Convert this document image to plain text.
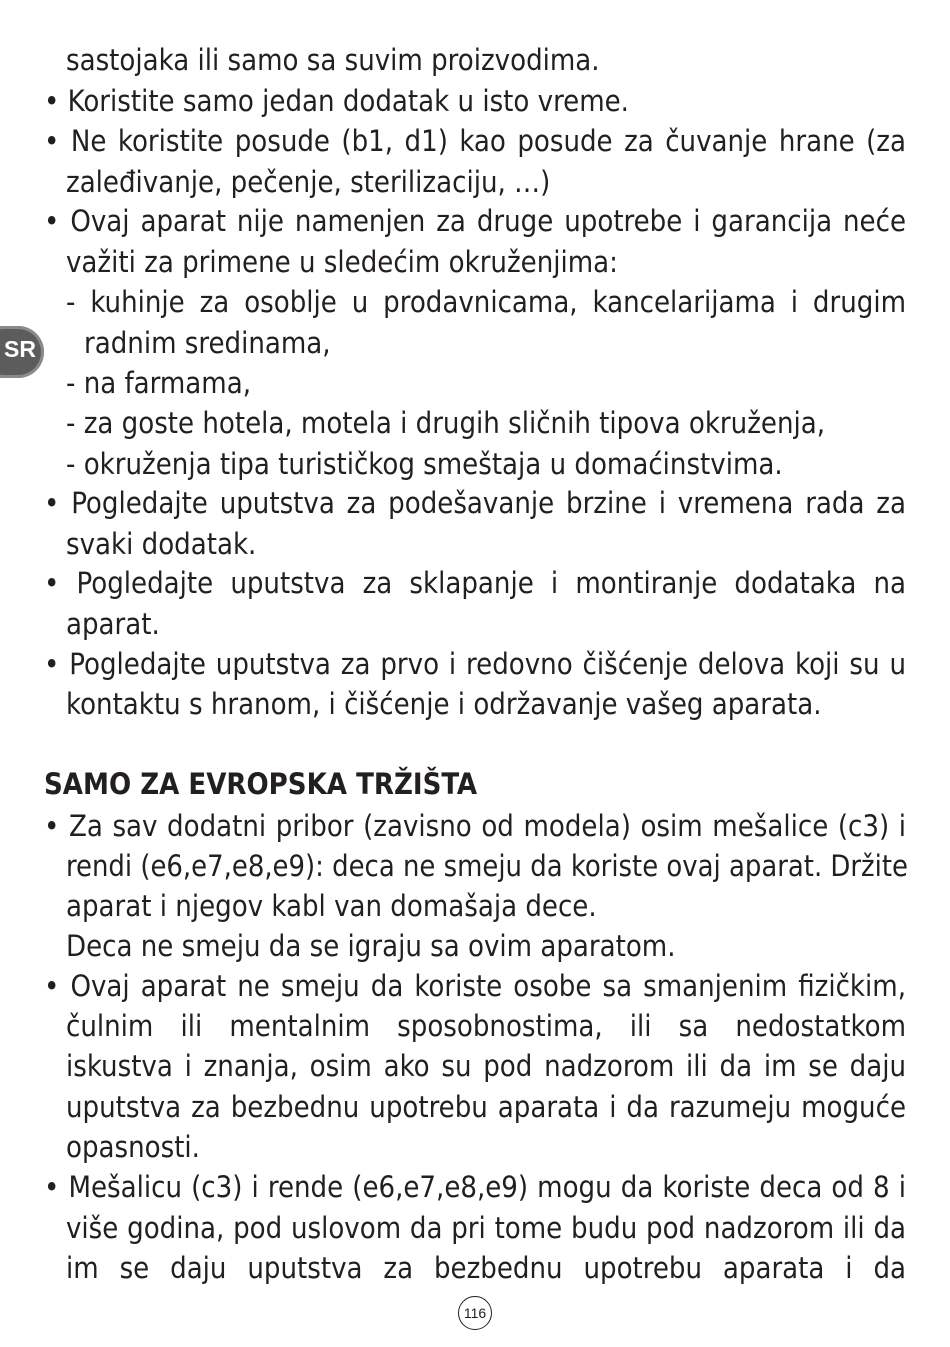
SR
sastojaka ili samo sa suvim proizvodima.
• Koristite samo jedan dodatak u isto vreme.
• Ne koristite posude (b1, d1) kao posude za čuvanje hrane (za
zaleđivanje, pečenje, sterilizaciju, …)
• Ovaj aparat nije namenjen za druge upotrebe i garancija neće
važiti za primene u sledećim okruženjima:
- kuhinje za osoblje u prodavnicama, kancelarijama i drugim
radnim sredinama,
- na farmama,
- za goste hotela, motela i drugih sličnih tipova okruženja,
- okruženja tipa turističkog smeštaja u domaćinstvima.
• Pogledajte uputstva za podešavanje brzine i vremena rada za
svaki dodatak.
• Pogledajte uputstva za sklapanje i montiranje dodataka na
aparat.
• Pogledajte uputstva za prvo i redovno čišćenje delova koji su u
kontaktu s hranom, i čišćenje i održavanje vašeg aparata.
SAMO ZA EVROPSKA TRŽIŠTA
• Za sav dodatni pribor (zavisno od modela) osim mešalice (c3) i
rendi (e6,e7,e8,e9): deca ne smeju da koriste ovaj aparat. Držite
aparat i njegov kabl van domašaja dece.
Deca ne smeju da se igraju sa ovim aparatom.
• Ovaj aparat ne smeju da koriste osobe sa smanjenim fizičkim,
čulnim ili mentalnim sposobnostima, ili sa nedostatkom
iskustva i znanja, osim ako su pod nadzorom ili da im se daju
uputstva za bezbednu upotrebu aparata i da razumeju moguće
opasnosti.
• Mešalicu (c3) i rende (e6,e7,e8,e9) mogu da koriste deca od 8 i
više godina, pod uslovom da pri tome budu pod nadzorom ili da
im se daju uputstva za bezbednu upotrebu aparata i da
116
